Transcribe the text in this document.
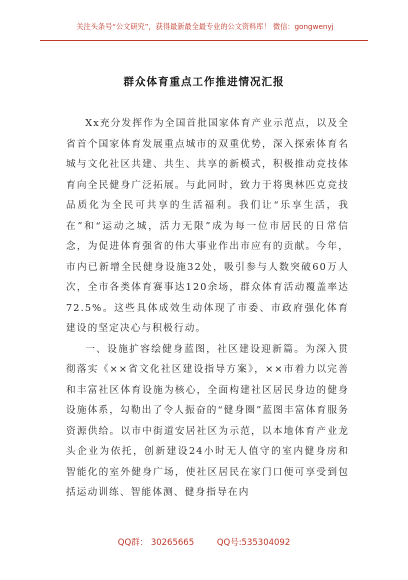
关注头条号“公文研究”，获得最新最全最专业的公文资料库！ 微信：gongwenyj
群众体育重点工作推进情况汇报

Xx充分发挥作为全国首批国家体育产业示范点，以及全省首个国家体育发展重点城市的双重优势，深入探索体育名城与文化社区共建、共生、共享的新模式，积极推动竞技体育向全民健身广泛拓展。与此同时，致力于将奥林匹克竞技品质化为全民可共享的生活福利。我们让“乐享生活，我在”和“运动之城，活力无限”成为每一位市居民的日常信念，为促进体育强省的伟大事业作出市应有的贡献。今年，市内已新增全民健身设施32处，吸引参与人数突破60万人次，全市各类体育赛事达120余场，群众体育活动覆盖率达72.5%。这些具体成效生动体现了市委、市政府强化体育建设的坚定决心与积极行动。

一、设施扩容绘健身蓝图，社区建设迎新篇。为深入贯彻落实《××省文化社区建设指导方案》，××市着力以完善和丰富社区体育设施为核心，全面构建社区居民身边的健身设施体系，勾勒出了令人振奋的“健身圈”蓝图丰富体育服务资源供给。以市中街道安居社区为示范，以本地体育产业龙头企业为依托，创新建设24小时无人值守的室内健身房和智能化的室外健身广场，使社区居民在家门口便可享受到包括运动训练、智能体测、健身指导在内

QQ群： 30265665	QQ号:535304092
